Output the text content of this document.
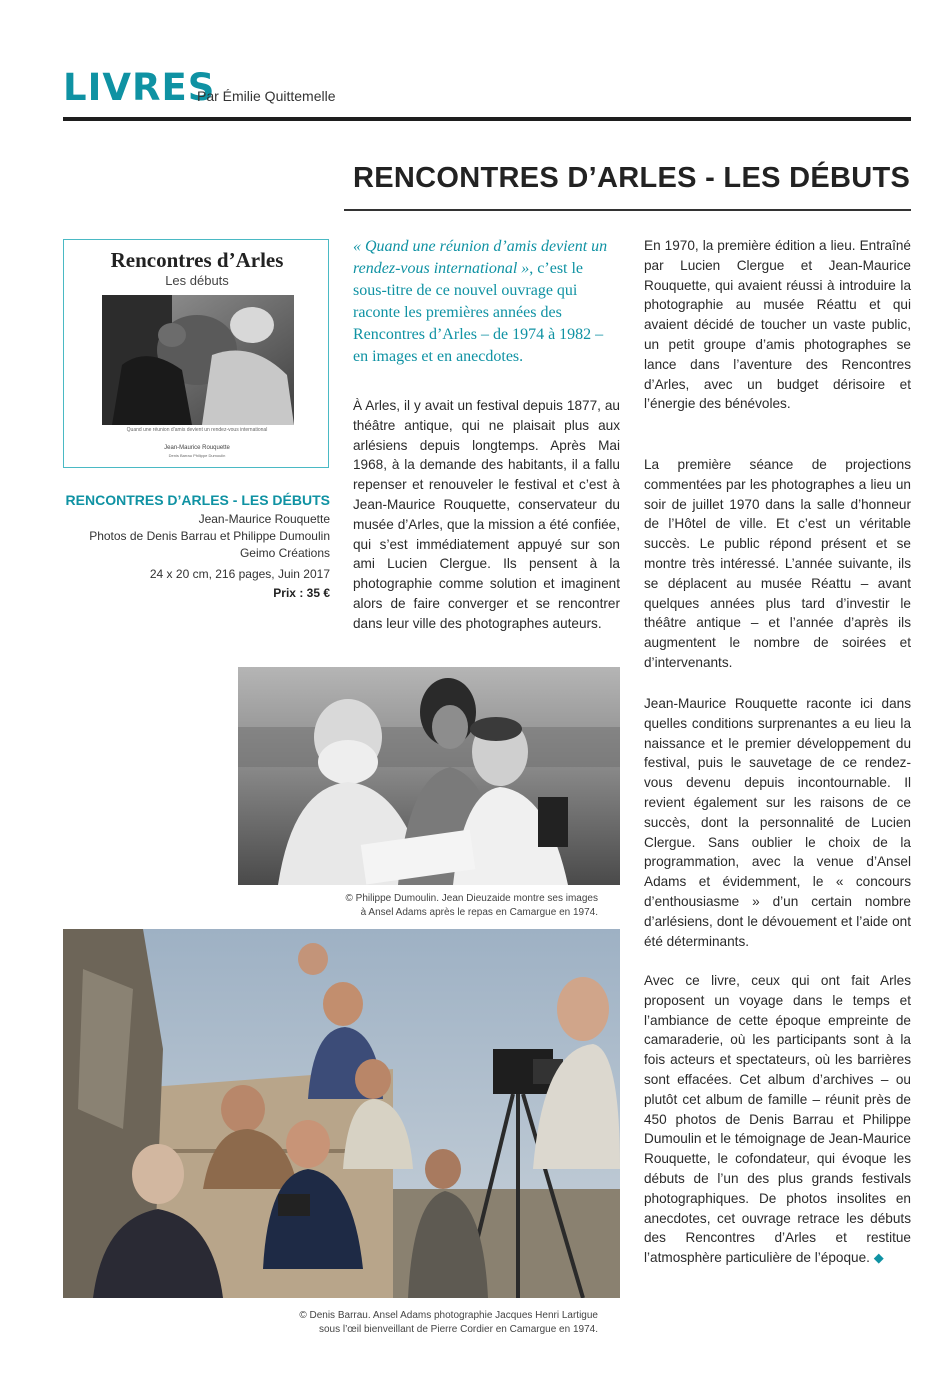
LIVRES
Par Émilie Quittemelle
RENCONTRES D’ARLES - LES DÉBUTS
Rencontres d’Arles
Les débuts
Quand une réunion d’amis devient un rendez-vous international
Jean-Maurice Rouquette
Denis Barrau Philippe Dumoulin
RENCONTRES D’ARLES - LES DÉBUTS
Jean-Maurice Rouquette
Photos de Denis Barrau et Philippe Dumoulin
Geimo Créations
24 x 20 cm, 216 pages, Juin 2017
Prix : 35 €

« Quand une réunion d’amis devient un rendez-vous international », c’est le sous-titre de ce nouvel ouvrage qui raconte les premières années des Rencontres d’Arles – de 1974 à 1982 – en images et en anecdotes.

À Arles, il y avait un festival depuis 1877, au théâtre antique, qui ne plaisait plus aux arlésiens depuis longtemps. Après Mai 1968, à la demande des habitants, il a fallu repenser et renouveler le festival et c’est à Jean-Maurice Rouquette, conservateur du musée d’Arles, que la mission a été confiée, qui s’est immédiatement appuyé sur son ami Lucien Clergue. Ils pensent à la photographie comme solution et imaginent alors de faire converger et se rencontrer dans leur ville des photographes auteurs.

En 1970, la première édition a lieu. Entraîné par Lucien Clergue et Jean-Maurice Rouquette, qui avaient réussi à introduire la photographie au musée Réattu et qui avaient décidé de toucher un vaste public, un petit groupe d’amis photographes se lance dans l’aventure des Rencontres d’Arles, avec un budget dérisoire et l’énergie des bénévoles.

La première séance de projections commentées par les photographes a lieu un soir de juillet 1970 dans la salle d’honneur de l’Hôtel de ville. Et c’est un véritable succès. Le public répond présent et se montre très intéressé. L’année suivante, ils se déplacent au musée Réattu – avant quelques années plus tard d’investir le théâtre antique – et l’année d’après ils augmentent le nombre de soirées et d’intervenants.

Jean-Maurice Rouquette raconte ici dans quelles conditions surprenantes a eu lieu la naissance et le premier développement du festival, puis le sauvetage de ce rendez-vous devenu depuis incontournable. Il revient également sur les raisons de ce succès, dont la personnalité de Lucien Clergue. Sans oublier le choix de la programmation, avec la venue d’Ansel Adams et évidemment, le « concours d’enthousiasme » d’un certain nombre d’arlésiens, dont le dévouement et l’aide ont été déterminants.

Avec ce livre, ceux qui ont fait Arles proposent un voyage dans le temps et l’ambiance de cette époque empreinte de camaraderie, où les participants sont à la fois acteurs et spectateurs, où les barrières sont effacées. Cet album d’archives – ou plutôt cet album de famille – réunit près de 450 photos de Denis Barrau et Philippe Dumoulin et le témoignage de Jean-Maurice Rouquette, le cofondateur, qui évoque les débuts de l’un des plus grands festivals photographiques. De photos insolites en anecdotes, cet ouvrage retrace les débuts des Rencontres d’Arles et restitue l’atmosphère particulière de l’époque. ◆

© Philippe Dumoulin. Jean Dieuzaide montre ses images
à Ansel Adams après le repas en Camargue en 1974.
© Denis Barrau. Ansel Adams photographie Jacques Henri Lartigue
sous l’œil bienveillant de Pierre Cordier en Camargue en 1974.
